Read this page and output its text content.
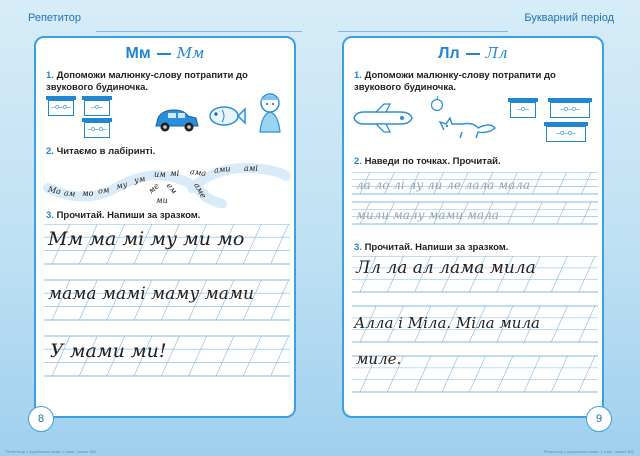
Репетитор	Букварний період
Мм Мм
1. Допоможи малюнку-слову потрапити до звукового будиночка.
–о–о–	–о–
–о–о–
2. Читаємо в лабіринті.
Ма ам мо ом му
ум им мі
ме ем
ми
ама
аме
ами амі
3. Прочитай. Напиши за зразком.
Мм ма мі му ми мо
мама мамі маму мами
У мами ми!
Лл Лл
1. Допоможи малюнку-слову потрапити до звукового будиночка.
–о–	–о–о–
–о–о–
2. Наведи по точках. Прочитай.
ла ло лі лу ли ле лала мала
мили малу мами мала
3. Прочитай. Напиши за зразком.
Лл ла ал лама мила
Алла і Міла. Міла мила
миле.
8	9
Репетитор з української мови. 1 клас. Зошит №2	Репетитор з української мови. 1 клас. Зошит №2
